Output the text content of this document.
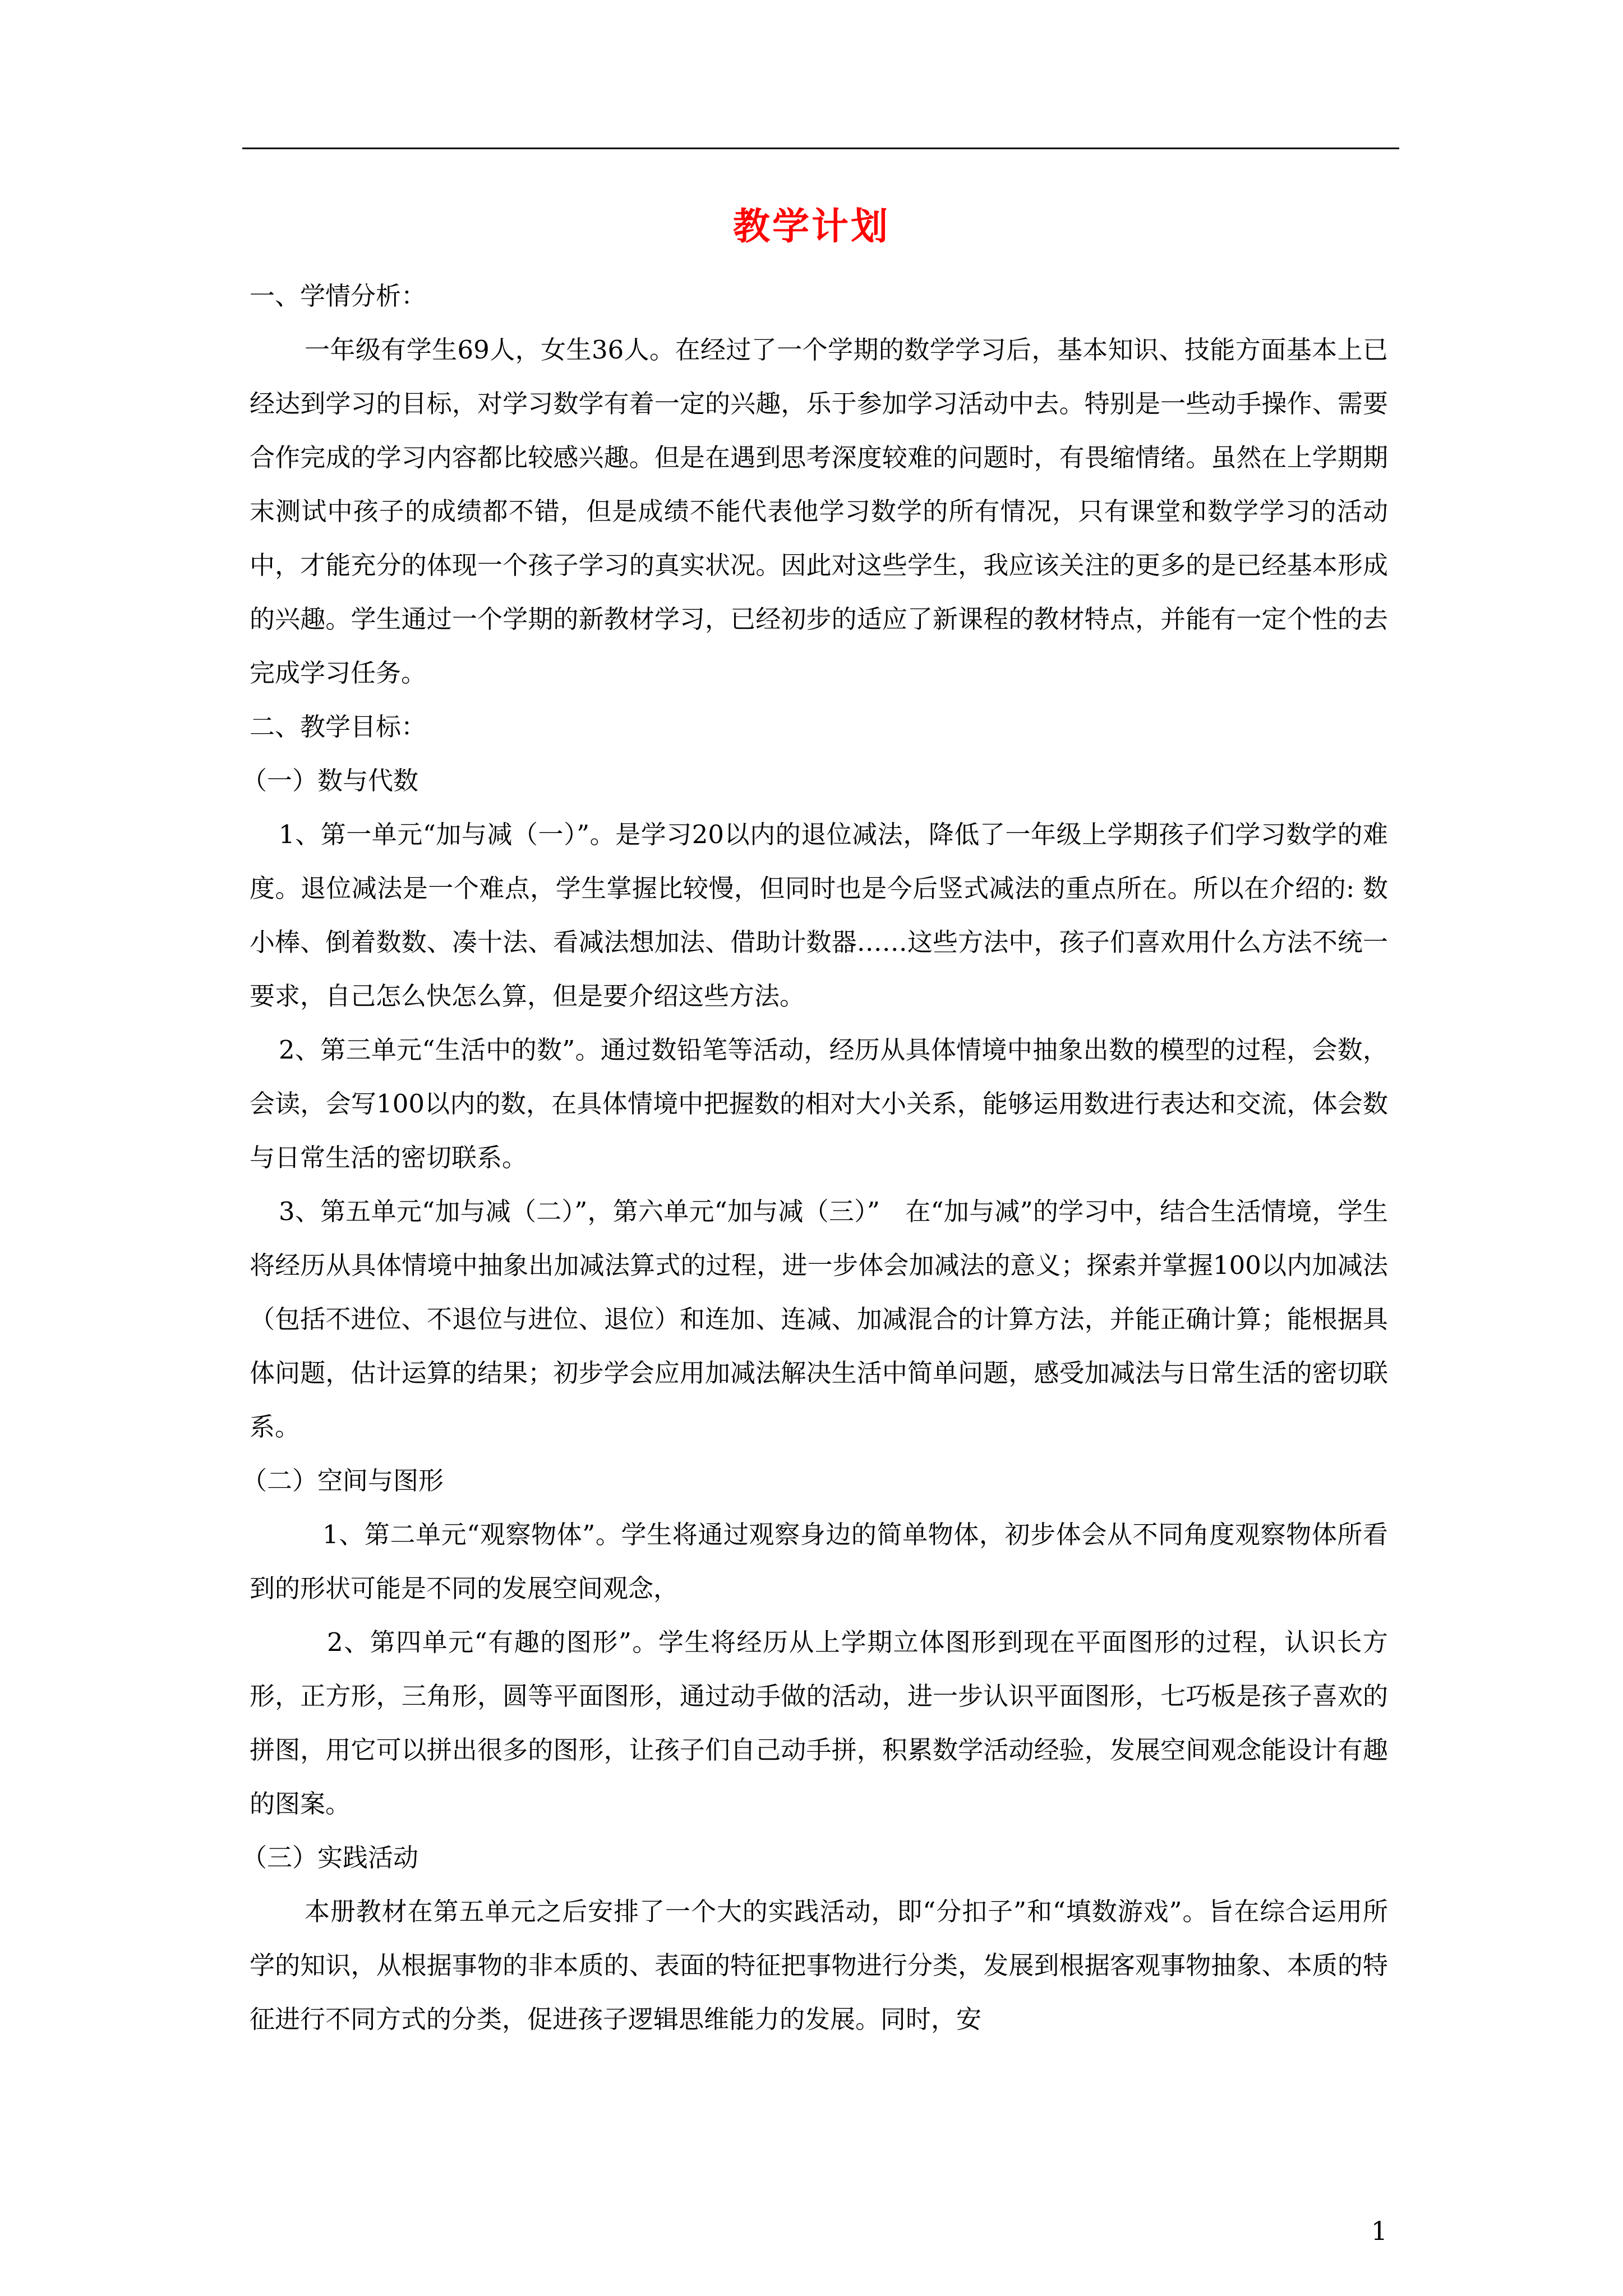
教学计划

一、学情分析：

一年级有学生69人，女生36人。在经过了一个学期的数学学习后，基本知识、技能方面基本上已经达到学习的目标，对学习数学有着一定的兴趣，乐于参加学习活动中去。特别是一些动手操作、需要合作完成的学习内容都比较感兴趣。但是在遇到思考深度较难的问题时，有畏缩情绪。虽然在上学期期末测试中孩子的成绩都不错，但是成绩不能代表他学习数学的所有情况，只有课堂和数学学习的活动中，才能充分的体现一个孩子学习的真实状况。因此对这些学生，我应该关注的更多的是已经基本形成的兴趣。学生通过一个学期的新教材学习，已经初步的适应了新课程的教材特点，并能有一定个性的去完成学习任务。

二、教学目标：

（一）数与代数

1、第一单元“加与减（一）”。是学习20以内的退位减法，降低了一年级上学期孩子们学习数学的难度。退位减法是一个难点，学生掌握比较慢，但同时也是今后竖式减法的重点所在。所以在介绍的: 数小棒、倒着数数、凑十法、看减法想加法、借助计数器……这些方法中，孩子们喜欢用什么方法不统一要求，自己怎么快怎么算，但是要介绍这些方法。

2、第三单元“生活中的数”。通过数铅笔等活动，经历从具体情境中抽象出数的模型的过程，会数，会读，会写100以内的数，在具体情境中把握数的相对大小关系，能够运用数进行表达和交流，体会数与日常生活的密切联系。

3、第五单元“加与减（二）”，第六单元“加与减（三）”　在“加与减”的学习中，结合生活情境，学生将经历从具体情境中抽象出加减法算式的过程，进一步体会加减法的意义；探索并掌握100以内加减法（包括不进位、不退位与进位、退位）和连加、连减、加减混合的计算方法，并能正确计算；能根据具体问题，估计运算的结果；初步学会应用加减法解决生活中简单问题，感受加减法与日常生活的密切联系。

（二）空间与图形

1、第二单元“观察物体”。学生将通过观察身边的简单物体，初步体会从不同角度观察物体所看到的形状可能是不同的发展空间观念，

2、第四单元“有趣的图形”。学生将经历从上学期立体图形到现在平面图形的过程，认识长方形，正方形，三角形，圆等平面图形，通过动手做的活动，进一步认识平面图形，七巧板是孩子喜欢的拼图，用它可以拼出很多的图形，让孩子们自己动手拼，积累数学活动经验，发展空间观念能设计有趣的图案。

（三）实践活动

本册教材在第五单元之后安排了一个大的实践活动，即“分扣子”和“填数游戏”。旨在综合运用所学的知识，从根据事物的非本质的、表面的特征把事物进行分类，发展到根据客观事物抽象、本质的特征进行不同方式的分类，促进孩子逻辑思维能力的发展。同时，安

1
